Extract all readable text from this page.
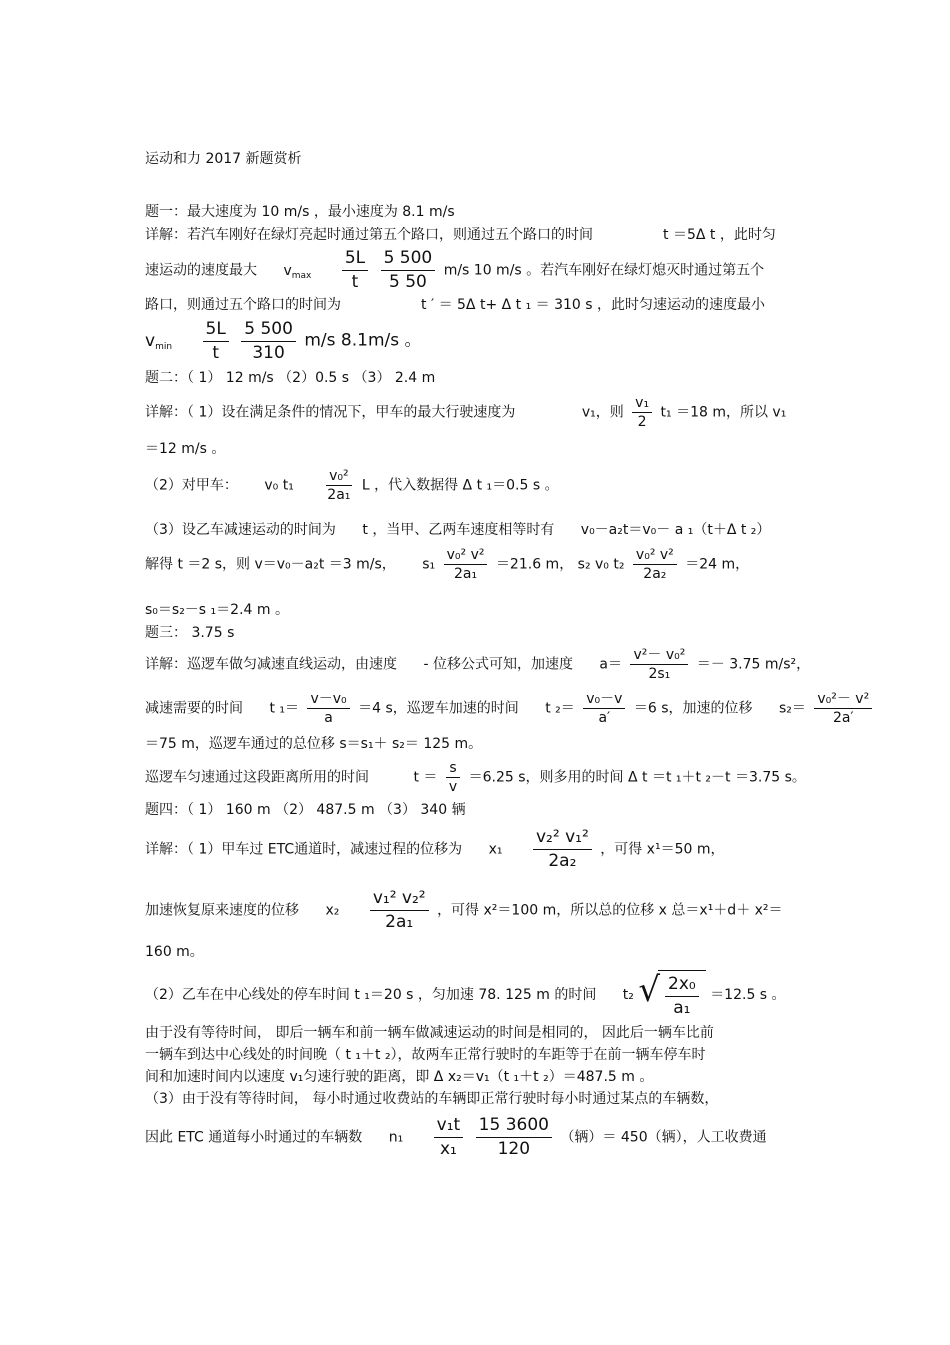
运动和力 2017 新题赏析
题一：最大速度为 10 m/s ，最小速度为 8.1 m/s
详解：若汽车刚好在绿灯亮起时通过第五个路口，则通过五个路口的时间	t ＝5Δ t ，此时匀
速运动的速度最大 $v_{max} \frac{5L}{t}$
$\frac{5 500}{5 50} m/s$ 10 m/s 。若汽车刚好在绿灯熄灭时通过第五个
路口，则通过五个路口的时间为	t ′ ＝ 5Δ t+ Δ t ₁ ＝ 310 s ，此时匀速运动的速度最小
$v_{min} \frac{5L}{t}$
$\frac{5 500}{310} m/s$ 8.1m/s 。
题二：（ 1） 12 m/s （2）0.5 s （3） 2.4 m
详解：（ 1）设在满足条件的情况下，甲车的最大行驶速度为	v₁，则 $\frac{\text{v₁}}{2} t_1 =18$ m，所以 v₁
＝12 m/s 。
（2）对甲车： v₀ $t_1 \frac{\text{v₀²}}{\text{2a₁}}$ L ，代入数据得 Δ t ₁＝0.5 s 。
（3）设乙车减速运动的时间为 t ，当甲、乙两车速度相等时有 v₀－a₂t＝v₀－ a ₁（t＋Δ t ₂）
解得 t ＝2 s，则 v＝v₀－a₂t ＝3 m/s， $s_1 \frac{\text{v₀² v²}}{\text{2a₁}} =21.6$ m， s₂ v₀ $t_2 \frac{\text{v₀² v²}}{\text{2a₂}} =24$ m，
s₀＝s₂－s ₁＝2.4 m 。
题三： 3.75 s
详解：巡逻车做匀减速直线运动，由速度 - 位移公式可知，加速度 $a= \frac{\text{v²－ v₀²}}{\text{2s₁}} =- 3.75$ m/s²，
减速需要的时间 t $_1= \frac{\text{v－v₀}}{a} =4$ s，巡逻车加速的时间 t $_2= \frac{\text{v₀－v}}{a'} =6$ s，加速的位移 $s_2= \frac{\text{v₀²－ v²}}{2a'}$
＝75 m，巡逻车通过的总位移 s＝s₁＋ s₂＝ 125 m。
巡逻车匀速通过这段距离所用的时间	$t = \frac{s}{v} =6.25$ s，则多用的时间 Δ t ＝t ₁＋t ₂－t ＝3.75 s。
题四：（ 1） 160 m （2） 487.5 m （3） 340 辆
详解：（ 1）甲车过 ETC通道时，减速过程的位移为 $x_1 \frac{\text{v₂² v₁²}}{\text{2a₂}}$ ，可得 x¹＝50 m，
加速恢复原来速度的位移 $x_2 \frac{\text{v₁² v₂²}}{\text{2a₁}}$ ，可得 x²＝100 m，所以总的位移 x 总＝x¹＋d＋ x²＝
160 m。
（2）乙车在中心线处的停车时间 t ₁＝20 s ，匀加速 78. 125 m 的时间 t₂ √ $\frac{\text{2x₀}}{\text{a₁}} =12.5$ s 。
由于没有等待时间， 即后一辆车和前一辆车做减速运动的时间是相同的， 因此后一辆车比前
一辆车到达中心线处的时间晚（ t ₁＋t ₂），故两车正常行驶时的车距等于在前一辆车停车时
间和加速时间内以速度 v₁匀速行驶的距离，即 Δ x₂＝v₁（t ₁＋t ₂）＝487.5 m 。
（3）由于没有等待时间， 每小时通过收费站的车辆即正常行驶时每小时通过某点的车辆数，
因此 ETC 通道每小时通过的车辆数 $n_1 \frac{\text{v₁t}}{\text{x₁}}$
$\frac{15 3600}{120}$ （辆）＝ 450（辆），人工收费通
